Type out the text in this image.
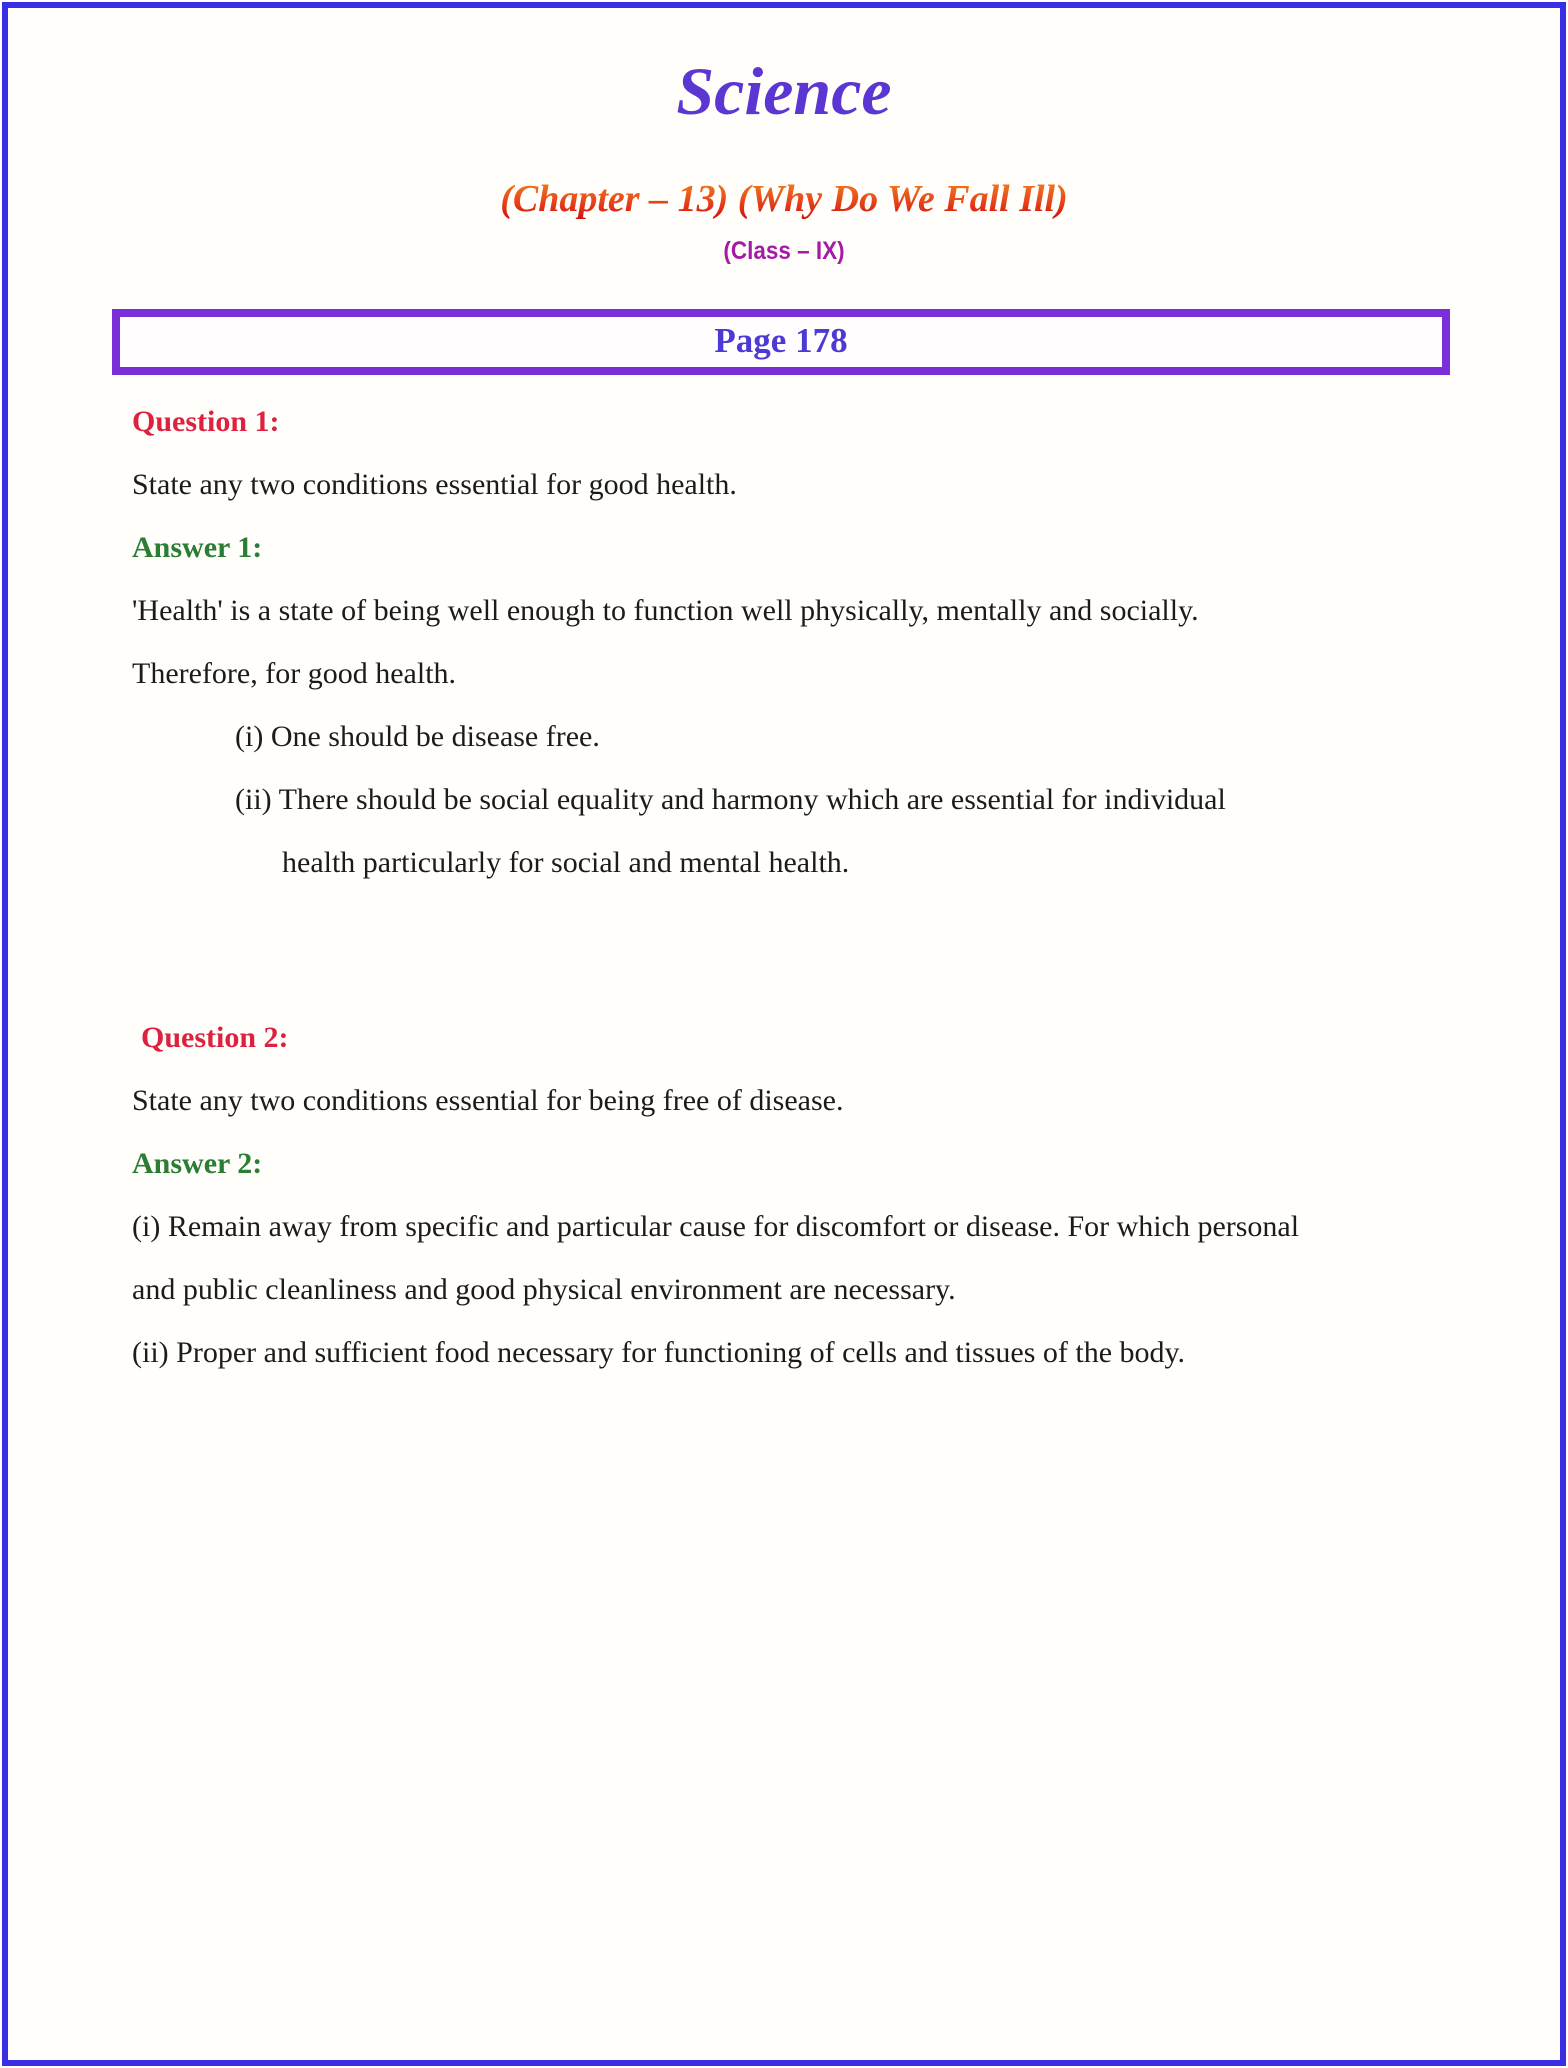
Science
(Chapter – 13) (Why Do We Fall Ill)
(Class – IX)
Page 178
Question 1:
State any two conditions essential for good health.
Answer 1:
'Health' is a state of being well enough to function well physically, mentally and socially.
Therefore, for good health.
(i) One should be disease free.
(ii) There should be social equality and harmony which are essential for individual
health particularly for social and mental health.
Question 2:
State any two conditions essential for being free of disease.
Answer 2:
(i) Remain away from specific and particular cause for discomfort or disease. For which personal
and public cleanliness and good physical environment are necessary.
(ii) Proper and sufficient food necessary for functioning of cells and tissues of the body.
